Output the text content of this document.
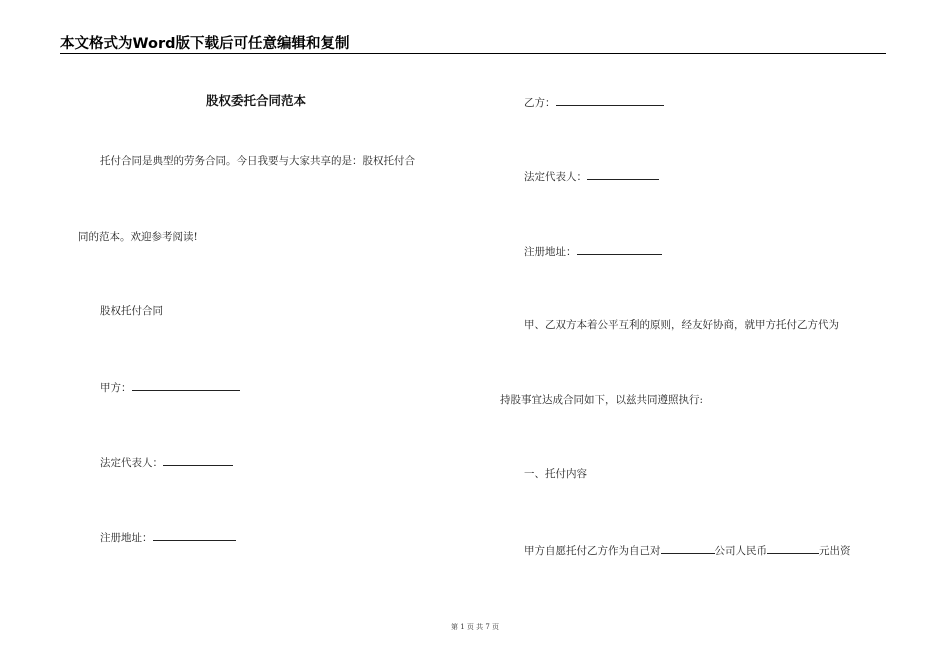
本文格式为Word版下载后可任意编辑和复制
股权委托合同范本
托付合同是典型的劳务合同。今日我要与大家共享的是：股权托付合
同的范本。欢迎参考阅读!
股权托付合同
甲方：
法定代表人：
注册地址：
乙方：
法定代表人：
注册地址：
甲、乙双方本着公平互利的原则，经友好协商，就甲方托付乙方代为
持股事宜达成合同如下，以兹共同遵照执行:
一、托付内容
甲方自愿托付乙方作为自己对	公司人民币	元出资
第 1 页 共 7 页
